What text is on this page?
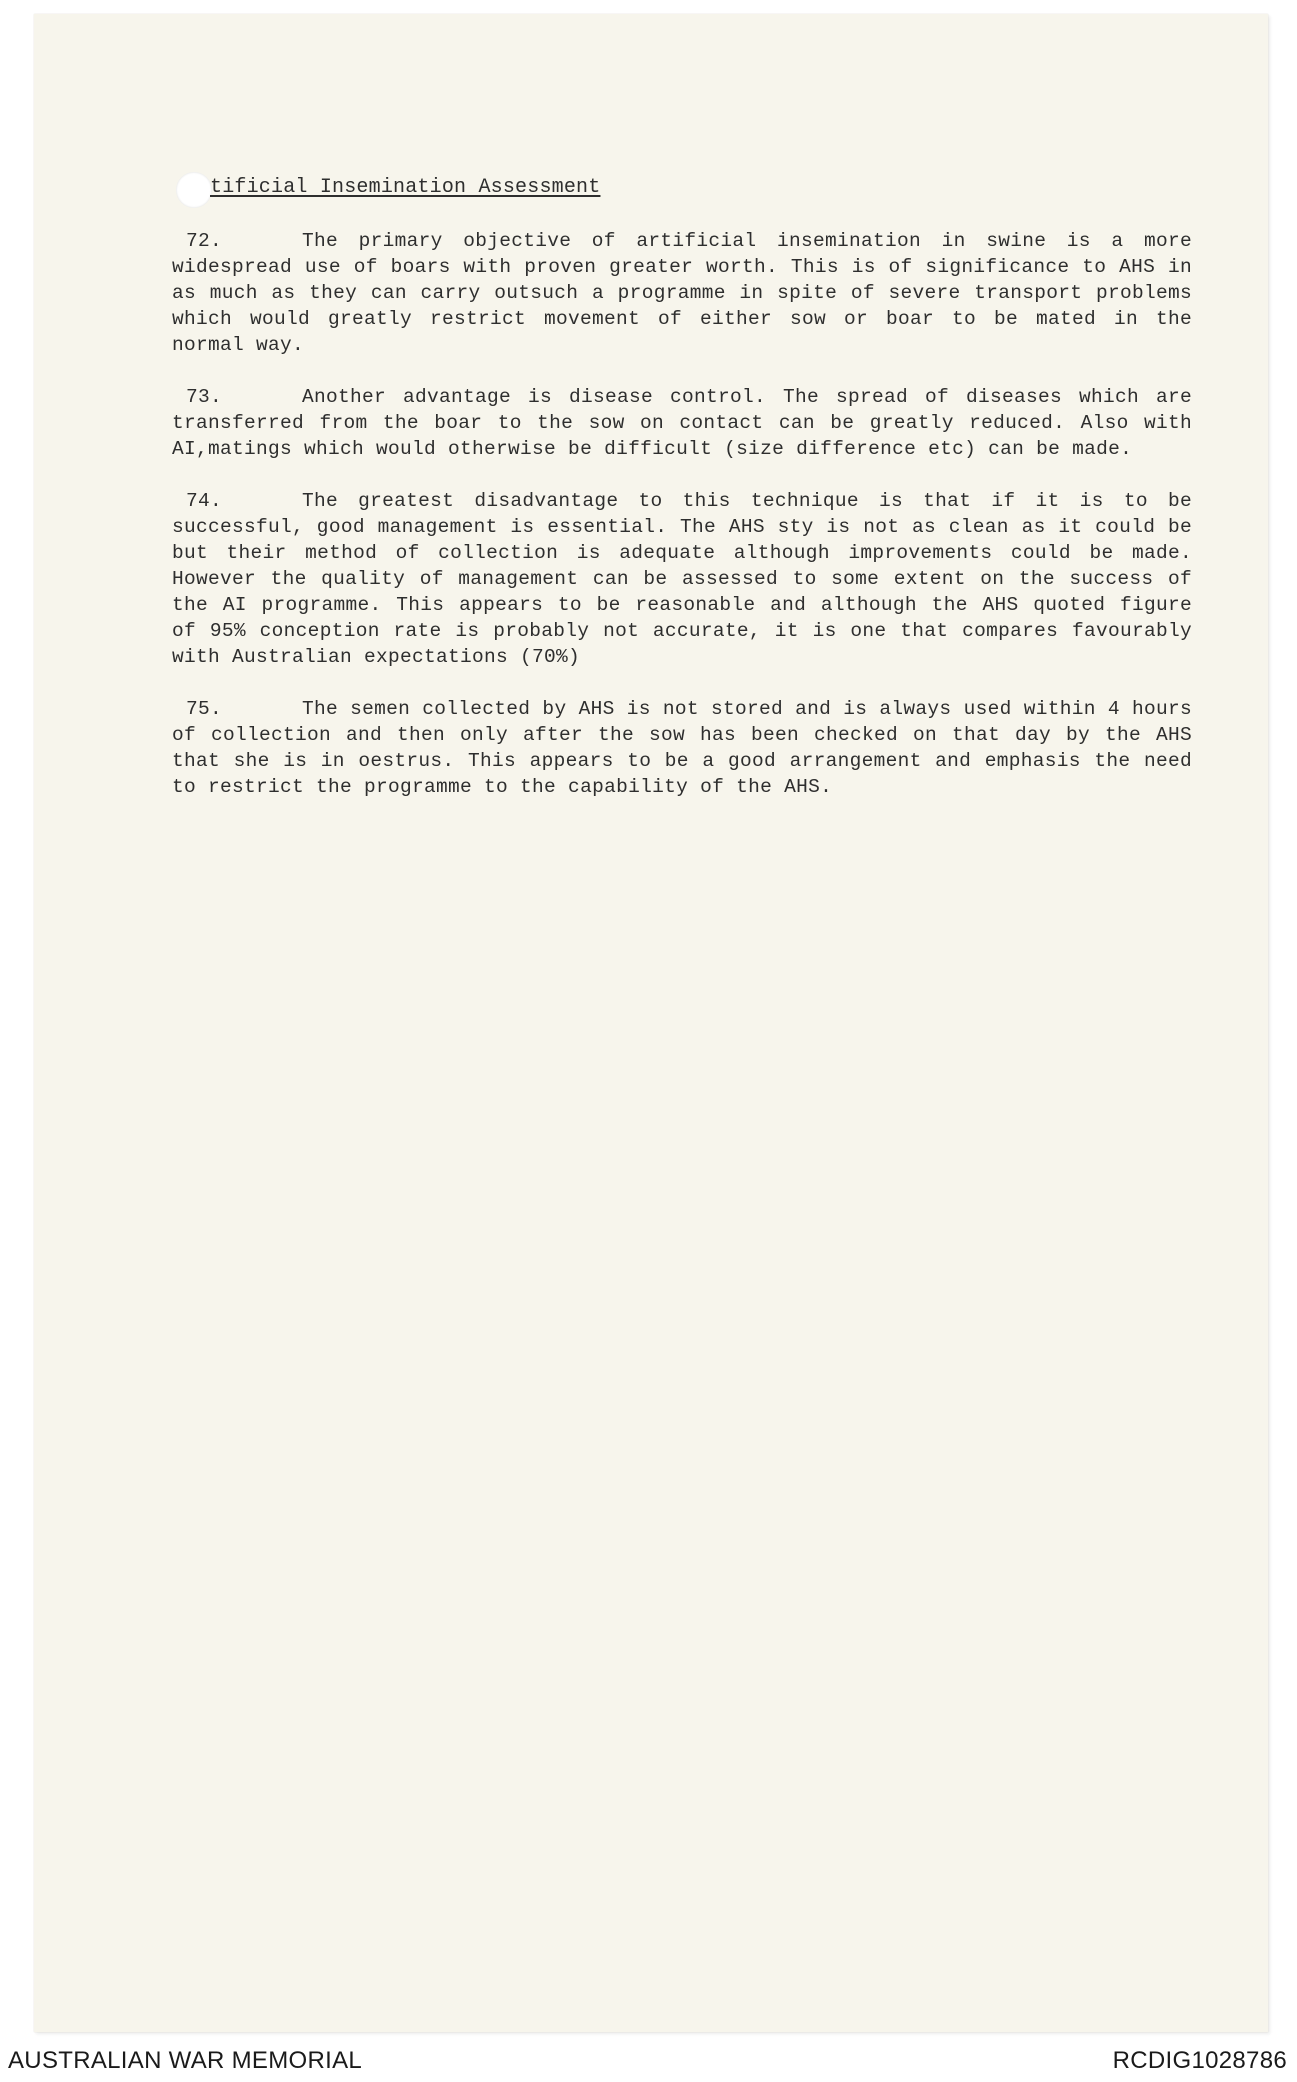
tificial Insemination Assessment

72.	The primary objective of artificial insemination in swine is a more widespread use of boars with proven greater worth. This is of significance to AHS in as much as they can carry outsuch a programme in spite of severe transport problems which would greatly restrict movement of either sow or boar to be mated in the normal way.

73.	Another advantage is disease control. The spread of diseases which are transferred from the boar to the sow on contact can be greatly reduced. Also with AI,matings which would otherwise be difficult (size difference etc) can be made.

74.	The greatest disadvantage to this technique is that if it is to be successful, good management is essential. The AHS sty is not as clean as it could be but their method of collection is adequate although improvements could be made. However the quality of management can be assessed to some extent on the success of the AI programme. This appears to be reasonable and although the AHS quoted figure of 95% conception rate is probably not accurate, it is one that compares favourably with Australian expectations (70%)

75.	The semen collected by AHS is not stored and is always used within 4 hours of collection and then only after the sow has been checked on that day by the AHS that she is in oestrus. This appears to be a good arrangement and emphasis the need to restrict the programme to the capability of the AHS.

AUSTRALIAN WAR MEMORIAL	RCDIG1028786
